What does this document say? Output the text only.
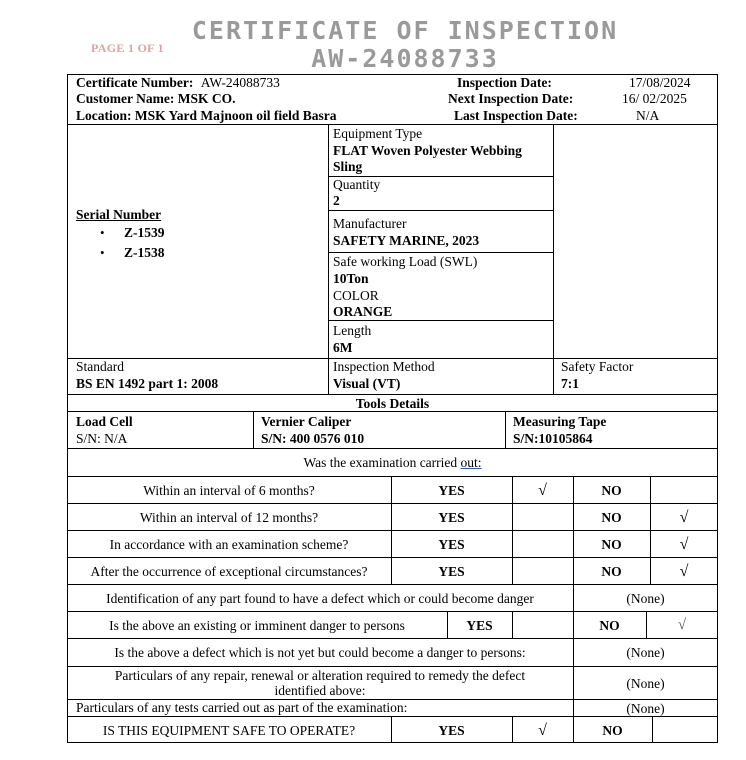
PAGE 1 OF 1
CERTIFICATE OF INSPECTION
AW-24088733
Certificate Number: AW-24088733
Customer Name: MSK CO.
Location: MSK Yard Majnoon oil field Basra
Inspection Date:	17/08/2024
Next Inspection Date:	16/ 02/2025
Last Inspection Date:	N/A
Serial Number
• Z-1539
• Z-1538
Equipment Type
FLAT Woven Polyester Webbing
Sling
Quantity
2
Manufacturer
SAFETY MARINE, 2023
Safe working Load (SWL)
10Ton
COLOR
ORANGE
Length
6M
Standard
BS EN 1492 part 1: 2008
Inspection Method
Visual (VT)
Safety Factor
7:1
Tools Details
Load Cell
S/N: N/A
Vernier Caliper
S/N: 400 0576 010
Measuring Tape
S/N:10105864
Was the examination carried out:
Within an interval of 6 months?	YES	√	NO
Within an interval of 12 months?	YES	NO	√
In accordance with an examination scheme?	YES	NO	√
After the occurrence of exceptional circumstances?	YES	NO	√
Identification of any part found to have a defect which or could become danger	(None)
Is the above an existing or imminent danger to persons	YES	NO	√
Is the above a defect which is not yet but could become a danger to persons:	(None)
Particulars of any repair, renewal or alteration required to remedy the defect
identified above:	(None)
Particulars of any tests carried out as part of the examination:	(None)
IS THIS EQUIPMENT SAFE TO OPERATE?	YES	√	NO
